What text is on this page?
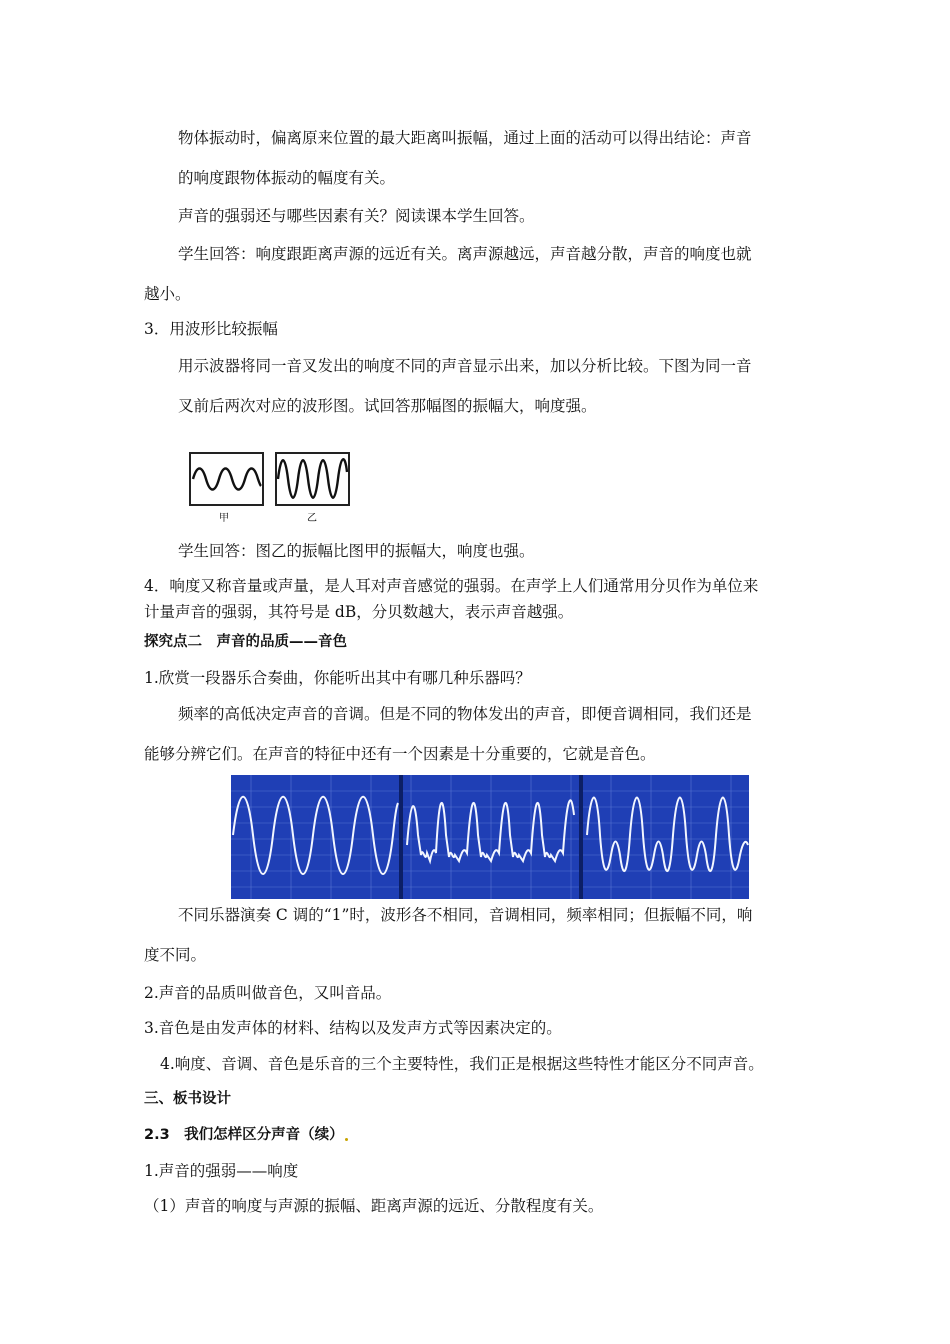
物体振动时，偏离原来位置的最大距离叫振幅，通过上面的活动可以得出结论：声音
的响度跟物体振动的幅度有关。
声音的强弱还与哪些因素有关？阅读课本学生回答。
学生回答：响度跟距离声源的远近有关。离声源越远，声音越分散，声音的响度也就
越小。
3．用波形比较振幅
用示波器将同一音叉发出的响度不同的声音显示出来，加以分析比较。下图为同一音
叉前后两次对应的波形图。试回答那幅图的振幅大，响度强。
甲	乙
学生回答：图乙的振幅比图甲的振幅大，响度也强。
4．响度又称音量或声量，是人耳对声音感觉的强弱。在声学上人们通常用分贝作为单位来
计量声音的强弱，其符号是 dB，分贝数越大，表示声音越强。
探究点二　声音的品质——音色
1.欣赏一段器乐合奏曲，你能听出其中有哪几种乐器吗？
频率的高低决定声音的音调。但是不同的物体发出的声音，即便音调相同，我们还是
能够分辨它们。在声音的特征中还有一个因素是十分重要的，它就是音色。
不同乐器演奏 C 调的“1”时，波形各不相同，音调相同，频率相同；但振幅不同，响
度不同。
2.声音的品质叫做音色，又叫音品。
3.音色是由发声体的材料、结构以及发声方式等因素决定的。
4.响度、音调、音色是乐音的三个主要特性，我们正是根据这些特性才能区分不同声音。
三、板书设计
2.3　我们怎样区分声音（续）
1.声音的强弱——响度
（1）声音的响度与声源的振幅、距离声源的远近、分散程度有关。
